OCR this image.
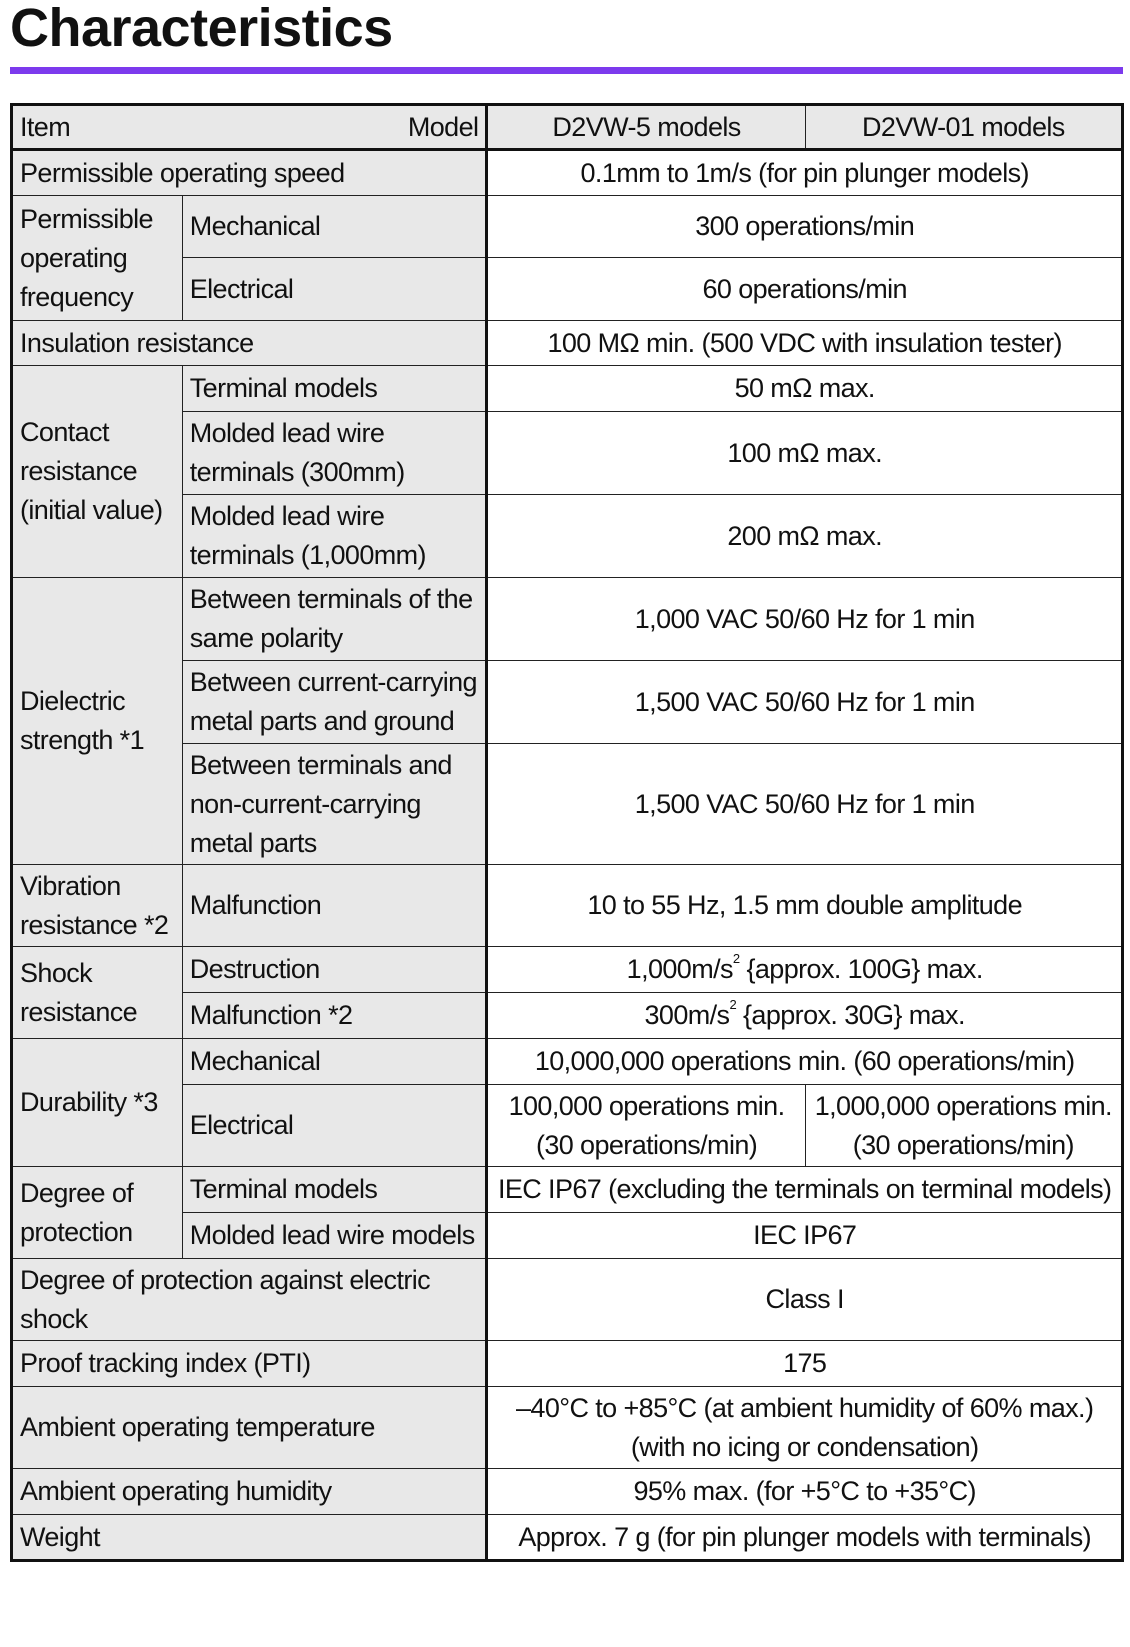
Characteristics
Item Model		D2VW-5 models	D2VW-01 models
Permissible operating speed		0.1mm to 1m/s (for pin plunger models)	
Permissible operating frequency	Mechanical	300 operations/min	
	Electrical	60 operations/min	
Insulation resistance		100 MΩ min. (500 VDC with insulation tester)	
Contact resistance (initial value)	Terminal models	50 mΩ max.	
	Molded lead wire terminals (300mm)	100 mΩ max.	
	Molded lead wire terminals (1,000mm)	200 mΩ max.	
Dielectric strength *1	Between terminals of the same polarity	1,000 VAC 50/60 Hz for 1 min	
	Between current-carrying metal parts and ground	1,500 VAC 50/60 Hz for 1 min	
	Between terminals and non-current-carrying metal parts	1,500 VAC 50/60 Hz for 1 min	
Vibration resistance *2	Malfunction	10 to 55 Hz, 1.5 mm double amplitude	
Shock resistance	Destruction	$1,000m/s^2$ {approx. 100G} max.	
	Malfunction *2	$300m/s^2$ {approx. 30G} max.	
Durability *3	Mechanical	10,000,000 operations min. (60 operations/min)	
	Electrical	100,000 operations min. (30 operations/min)	1,000,000 operations min. (30 operations/min)
Degree of protection	Terminal models	IEC IP67 (excluding the terminals on terminal models)	
	Molded lead wire models	IEC IP67	
Degree of protection against electric shock		Class I	
Proof tracking index (PTI)		175	
Ambient operating temperature		–40°C to +85°C (at ambient humidity of 60% max.) (with no icing or condensation)	
Ambient operating humidity		95% max. (for +5°C to +35°C)	
Weight		Approx. 7 g (for pin plunger models with terminals)	
